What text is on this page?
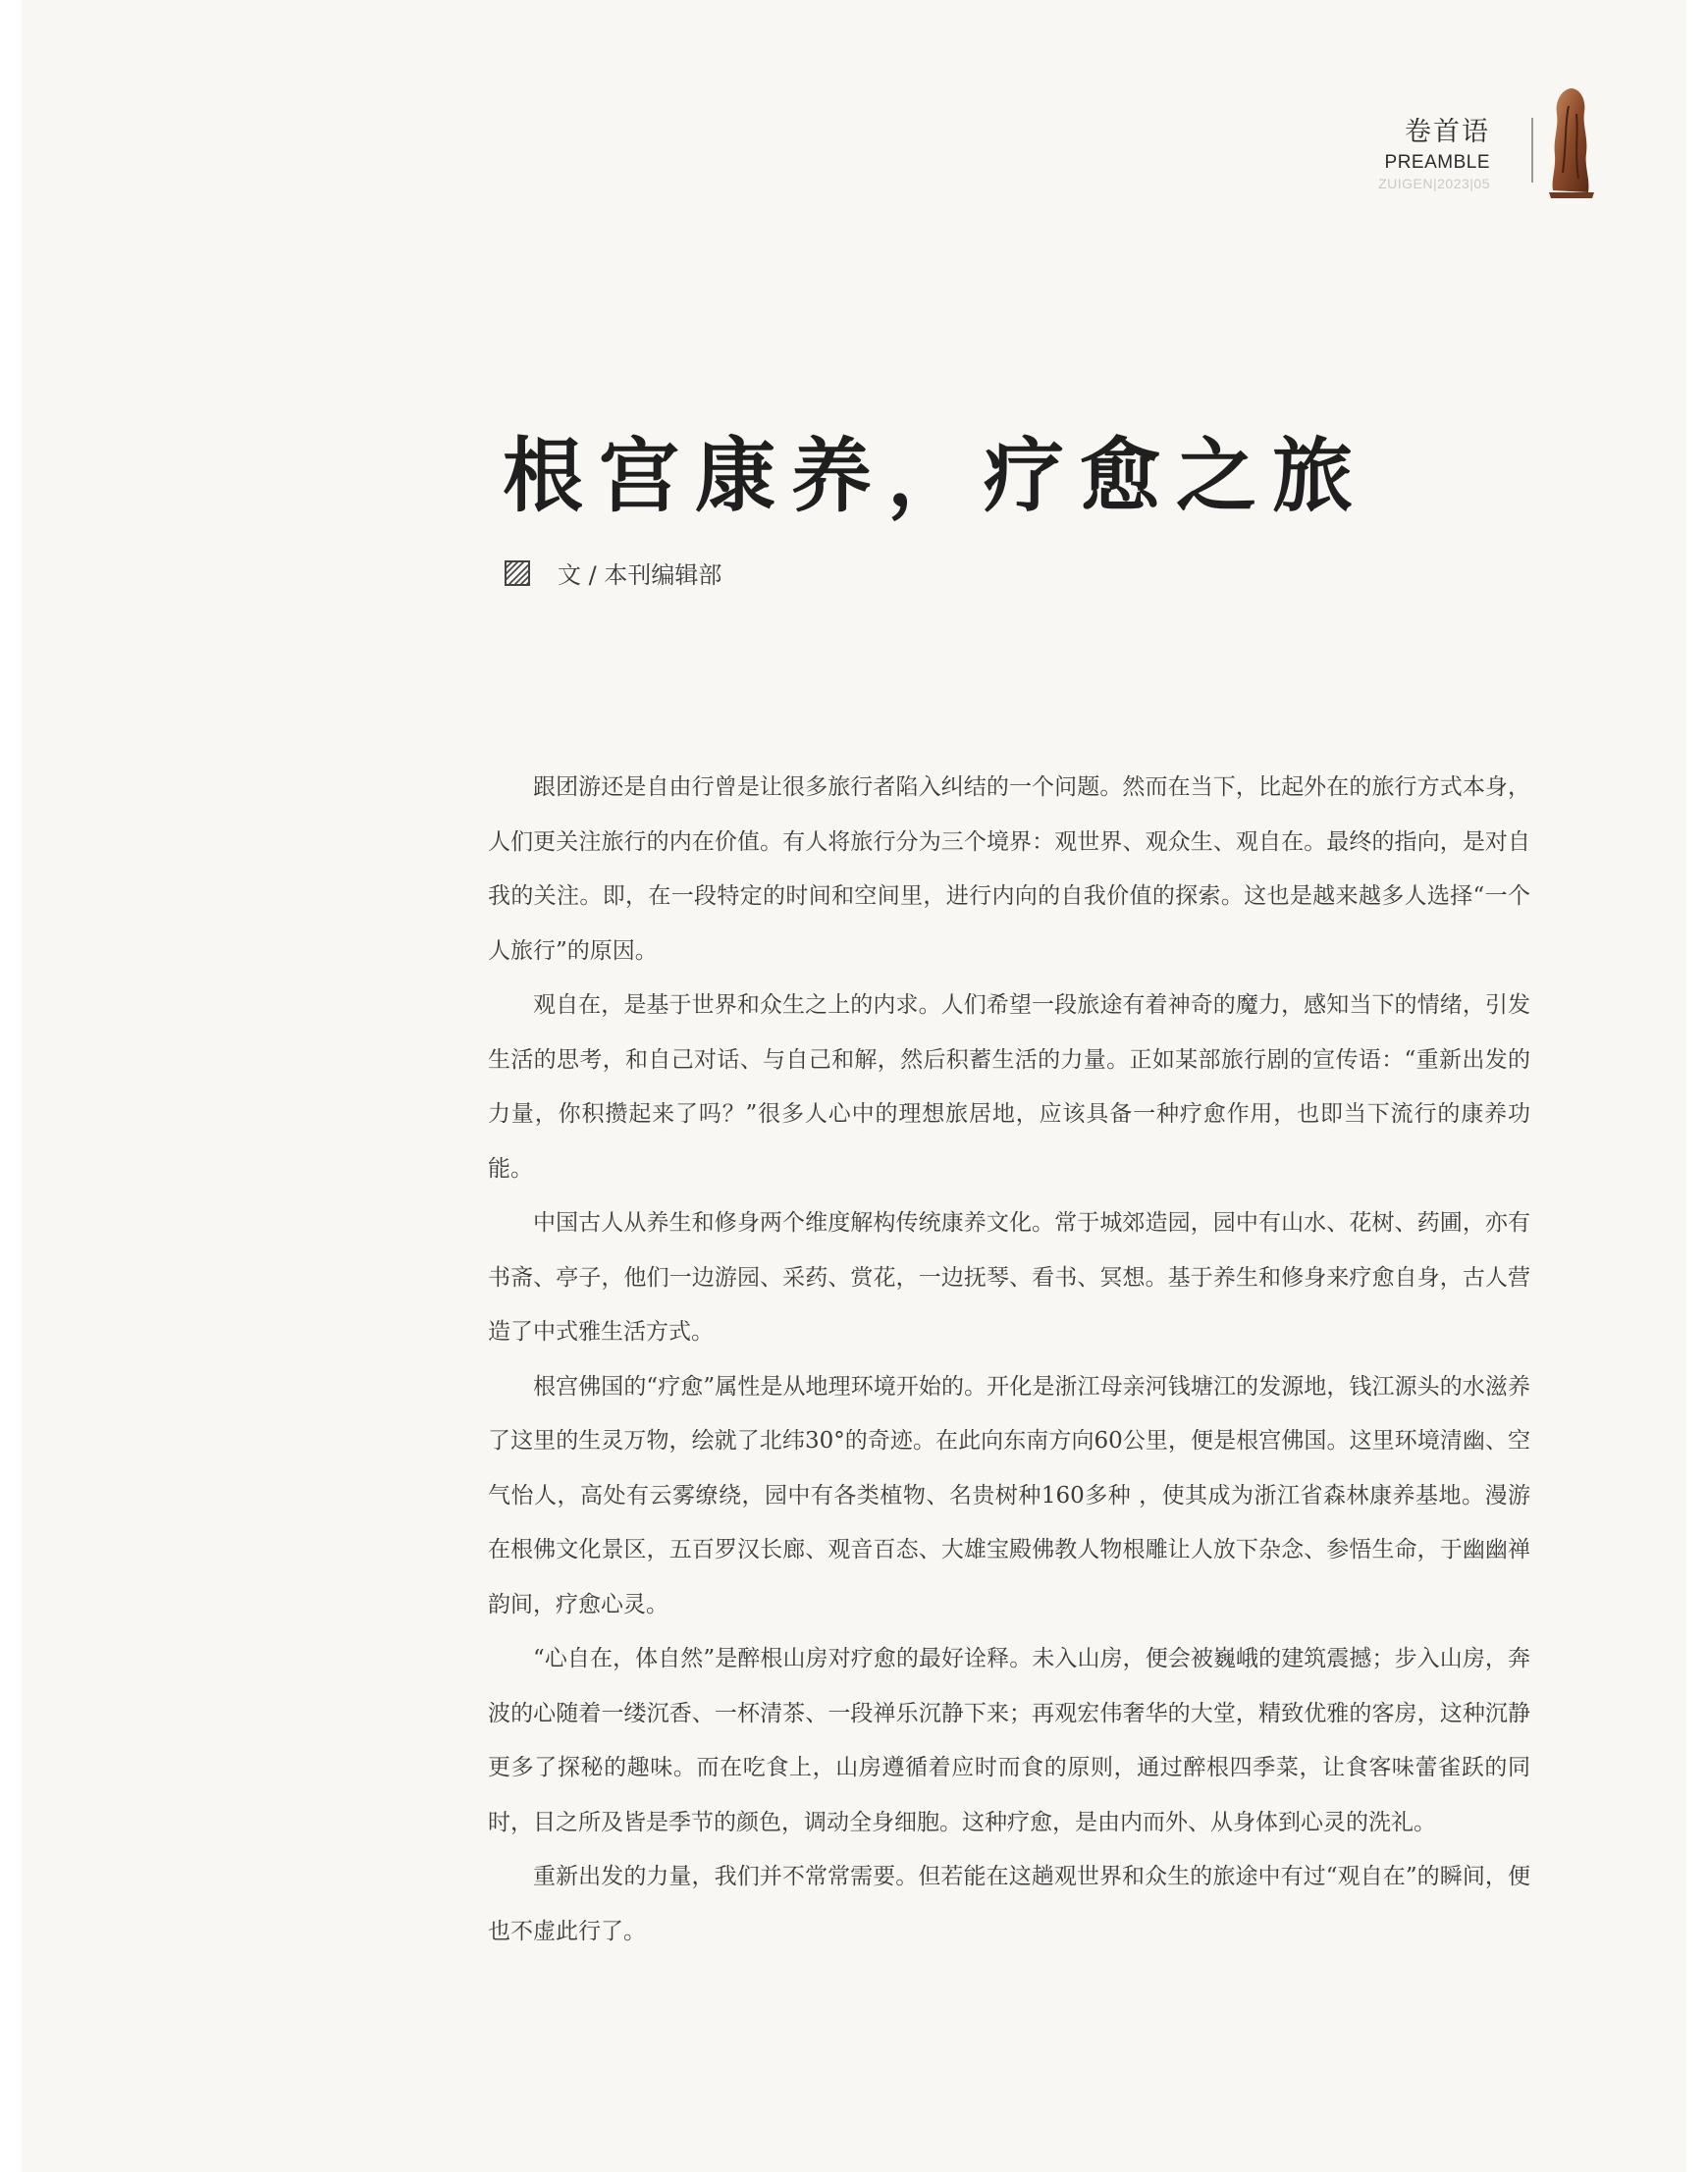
卷首语
PREAMBLE
ZUIGEN|2023|05
根宫康养，疗愈之旅
文 / 本刊编辑部

跟团游还是自由行曾是让很多旅行者陷入纠结的一个问题。然而在当下，比起外在的旅行方式本身，人们更关注旅行的内在价值。有人将旅行分为三个境界：观世界、观众生、观自在。最终的指向，是对自我的关注。即，在一段特定的时间和空间里，进行内向的自我价值的探索。这也是越来越多人选择“一个人旅行”的原因。

观自在，是基于世界和众生之上的内求。人们希望一段旅途有着神奇的魔力，感知当下的情绪，引发生活的思考，和自己对话、与自己和解，然后积蓄生活的力量。正如某部旅行剧的宣传语：“重新出发的力量，你积攒起来了吗？”很多人心中的理想旅居地，应该具备一种疗愈作用，也即当下流行的康养功能。

中国古人从养生和修身两个维度解构传统康养文化。常于城郊造园，园中有山水、花树、药圃，亦有书斋、亭子，他们一边游园、采药、赏花，一边抚琴、看书、冥想。基于养生和修身来疗愈自身，古人营造了中式雅生活方式。

根宫佛国的“疗愈”属性是从地理环境开始的。开化是浙江母亲河钱塘江的发源地，钱江源头的水滋养了这里的生灵万物，绘就了北纬30°的奇迹。在此向东南方向60公里，便是根宫佛国。这里环境清幽、空气怡人，高处有云雾缭绕，园中有各类植物、名贵树种160多种 ，使其成为浙江省森林康养基地。漫游在根佛文化景区，五百罗汉长廊、观音百态、大雄宝殿佛教人物根雕让人放下杂念、参悟生命，于幽幽禅韵间，疗愈心灵。

“心自在，体自然”是醉根山房对疗愈的最好诠释。未入山房，便会被巍峨的建筑震撼；步入山房，奔波的心随着一缕沉香、一杯清茶、一段禅乐沉静下来；再观宏伟奢华的大堂，精致优雅的客房，这种沉静更多了探秘的趣味。而在吃食上，山房遵循着应时而食的原则，通过醉根四季菜，让食客味蕾雀跃的同时，目之所及皆是季节的颜色，调动全身细胞。这种疗愈，是由内而外、从身体到心灵的洗礼。

重新出发的力量，我们并不常常需要。但若能在这趟观世界和众生的旅途中有过“观自在”的瞬间，便也不虚此行了。
